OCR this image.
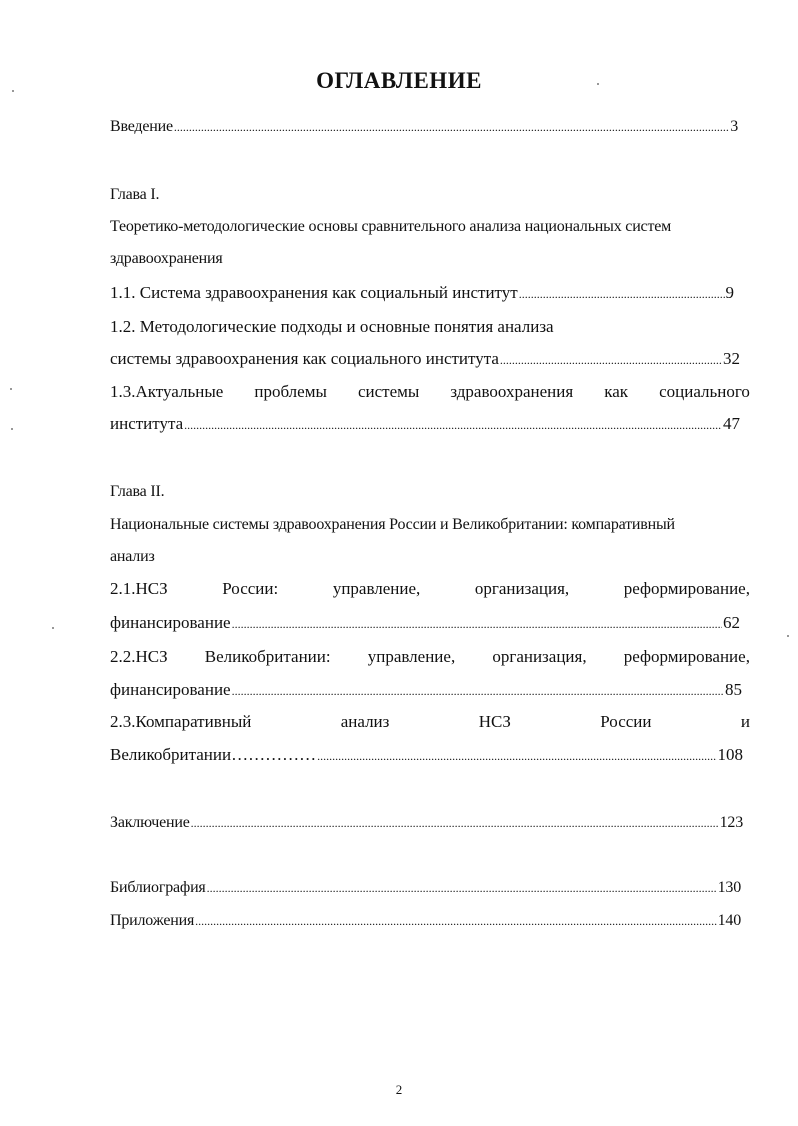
ОГЛАВЛЕНИЕ
Введение .....	3
Глава I.
Теоретико-методологические основы сравнительного анализа национальных систем
здравоохранения
1.1. Система здравоохранения как социальный институт .....	9
1.2. Методологические подходы и основные понятия анализа
системы здравоохранения как социального института .....	32
1.3.Актуальные проблемы системы здравоохранения как социального
института .....	47
Глава II.
Национальные системы здравоохранения России и Великобритании: компаративный
анализ
2.1.НСЗ	России:	управление,	организация,	реформирование,
финансирование .....	62
2.2.НСЗ Великобритании: управление, организация, реформирование,
финансирование .....	85
2.3.Компаративный	анализ	НСЗ	России	и
Великобритании…………… .....	108
Заключение .....	123
Библиография .....	130
Приложения .....	140
2
